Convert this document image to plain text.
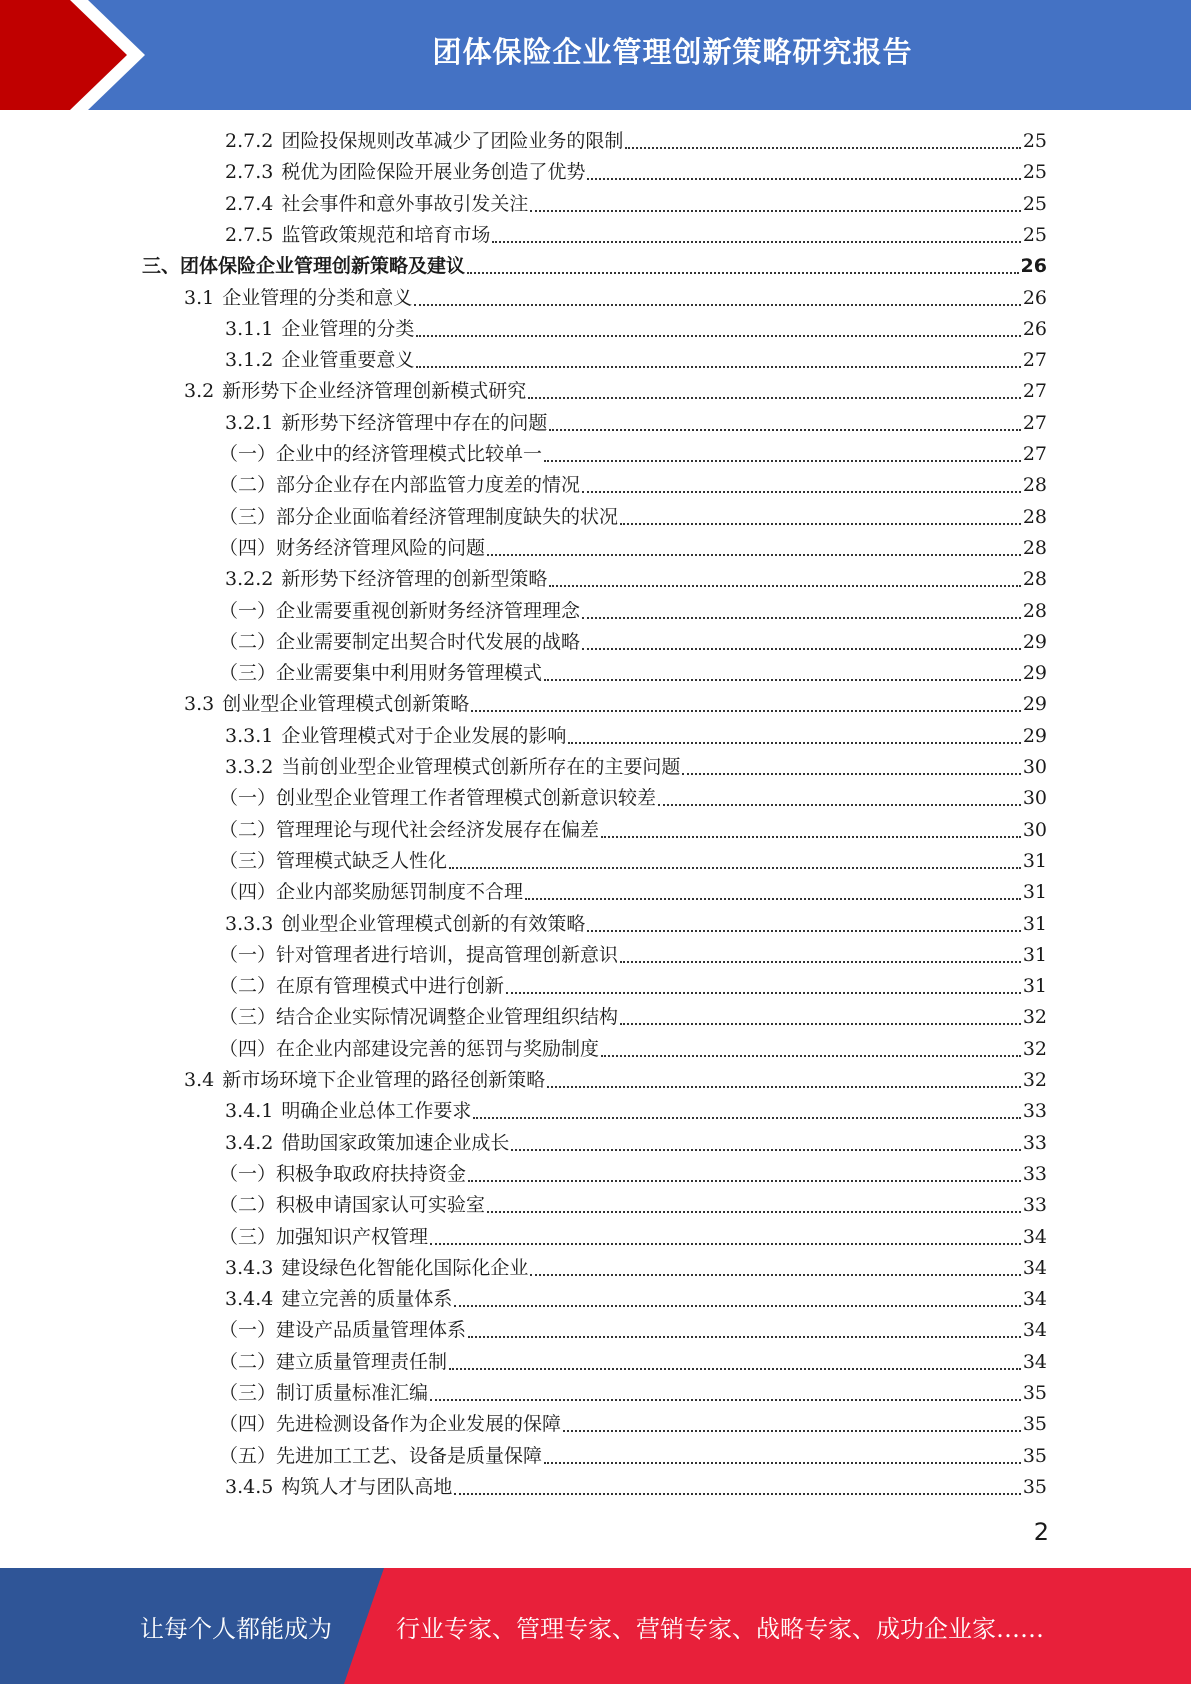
团体保险企业管理创新策略研究报告
2.7.2 团险投保规则改革减少了团险业务的限制	25
2.7.3 税优为团险保险开展业务创造了优势	25
2.7.4 社会事件和意外事故引发关注	25
2.7.5 监管政策规范和培育市场	25
三、团体保险企业管理创新策略及建议	26
3.1 企业管理的分类和意义	26
3.1.1 企业管理的分类	26
3.1.2 企业管重要意义	27
3.2 新形势下企业经济管理创新模式研究	27
3.2.1 新形势下经济管理中存在的问题	27
（一）企业中的经济管理模式比较单一	27
（二）部分企业存在内部监管力度差的情况	28
（三）部分企业面临着经济管理制度缺失的状况	28
（四）财务经济管理风险的问题	28
3.2.2 新形势下经济管理的创新型策略	28
（一）企业需要重视创新财务经济管理理念	28
（二）企业需要制定出契合时代发展的战略	29
（三）企业需要集中利用财务管理模式	29
3.3 创业型企业管理模式创新策略	29
3.3.1 企业管理模式对于企业发展的影响	29
3.3.2 当前创业型企业管理模式创新所存在的主要问题	30
（一）创业型企业管理工作者管理模式创新意识较差	30
（二）管理理论与现代社会经济发展存在偏差	30
（三）管理模式缺乏人性化	31
（四）企业内部奖励惩罚制度不合理	31
3.3.3 创业型企业管理模式创新的有效策略	31
（一）针对管理者进行培训，提高管理创新意识	31
（二）在原有管理模式中进行创新	31
（三）结合企业实际情况调整企业管理组织结构	32
（四）在企业内部建设完善的惩罚与奖励制度	32
3.4 新市场环境下企业管理的路径创新策略	32
3.4.1 明确企业总体工作要求	33
3.4.2 借助国家政策加速企业成长	33
（一）积极争取政府扶持资金	33
（二）积极申请国家认可实验室	33
（三）加强知识产权管理	34
3.4.3 建设绿色化智能化国际化企业	34
3.4.4 建立完善的质量体系	34
（一）建设产品质量管理体系	34
（二）建立质量管理责任制	34
（三）制订质量标准汇编	35
（四）先进检测设备作为企业发展的保障	35
（五）先进加工工艺、设备是质量保障	35
3.4.5 构筑人才与团队高地	35
2
让每个人都能成为	行业专家、管理专家、营销专家、战略专家、成功企业家……
